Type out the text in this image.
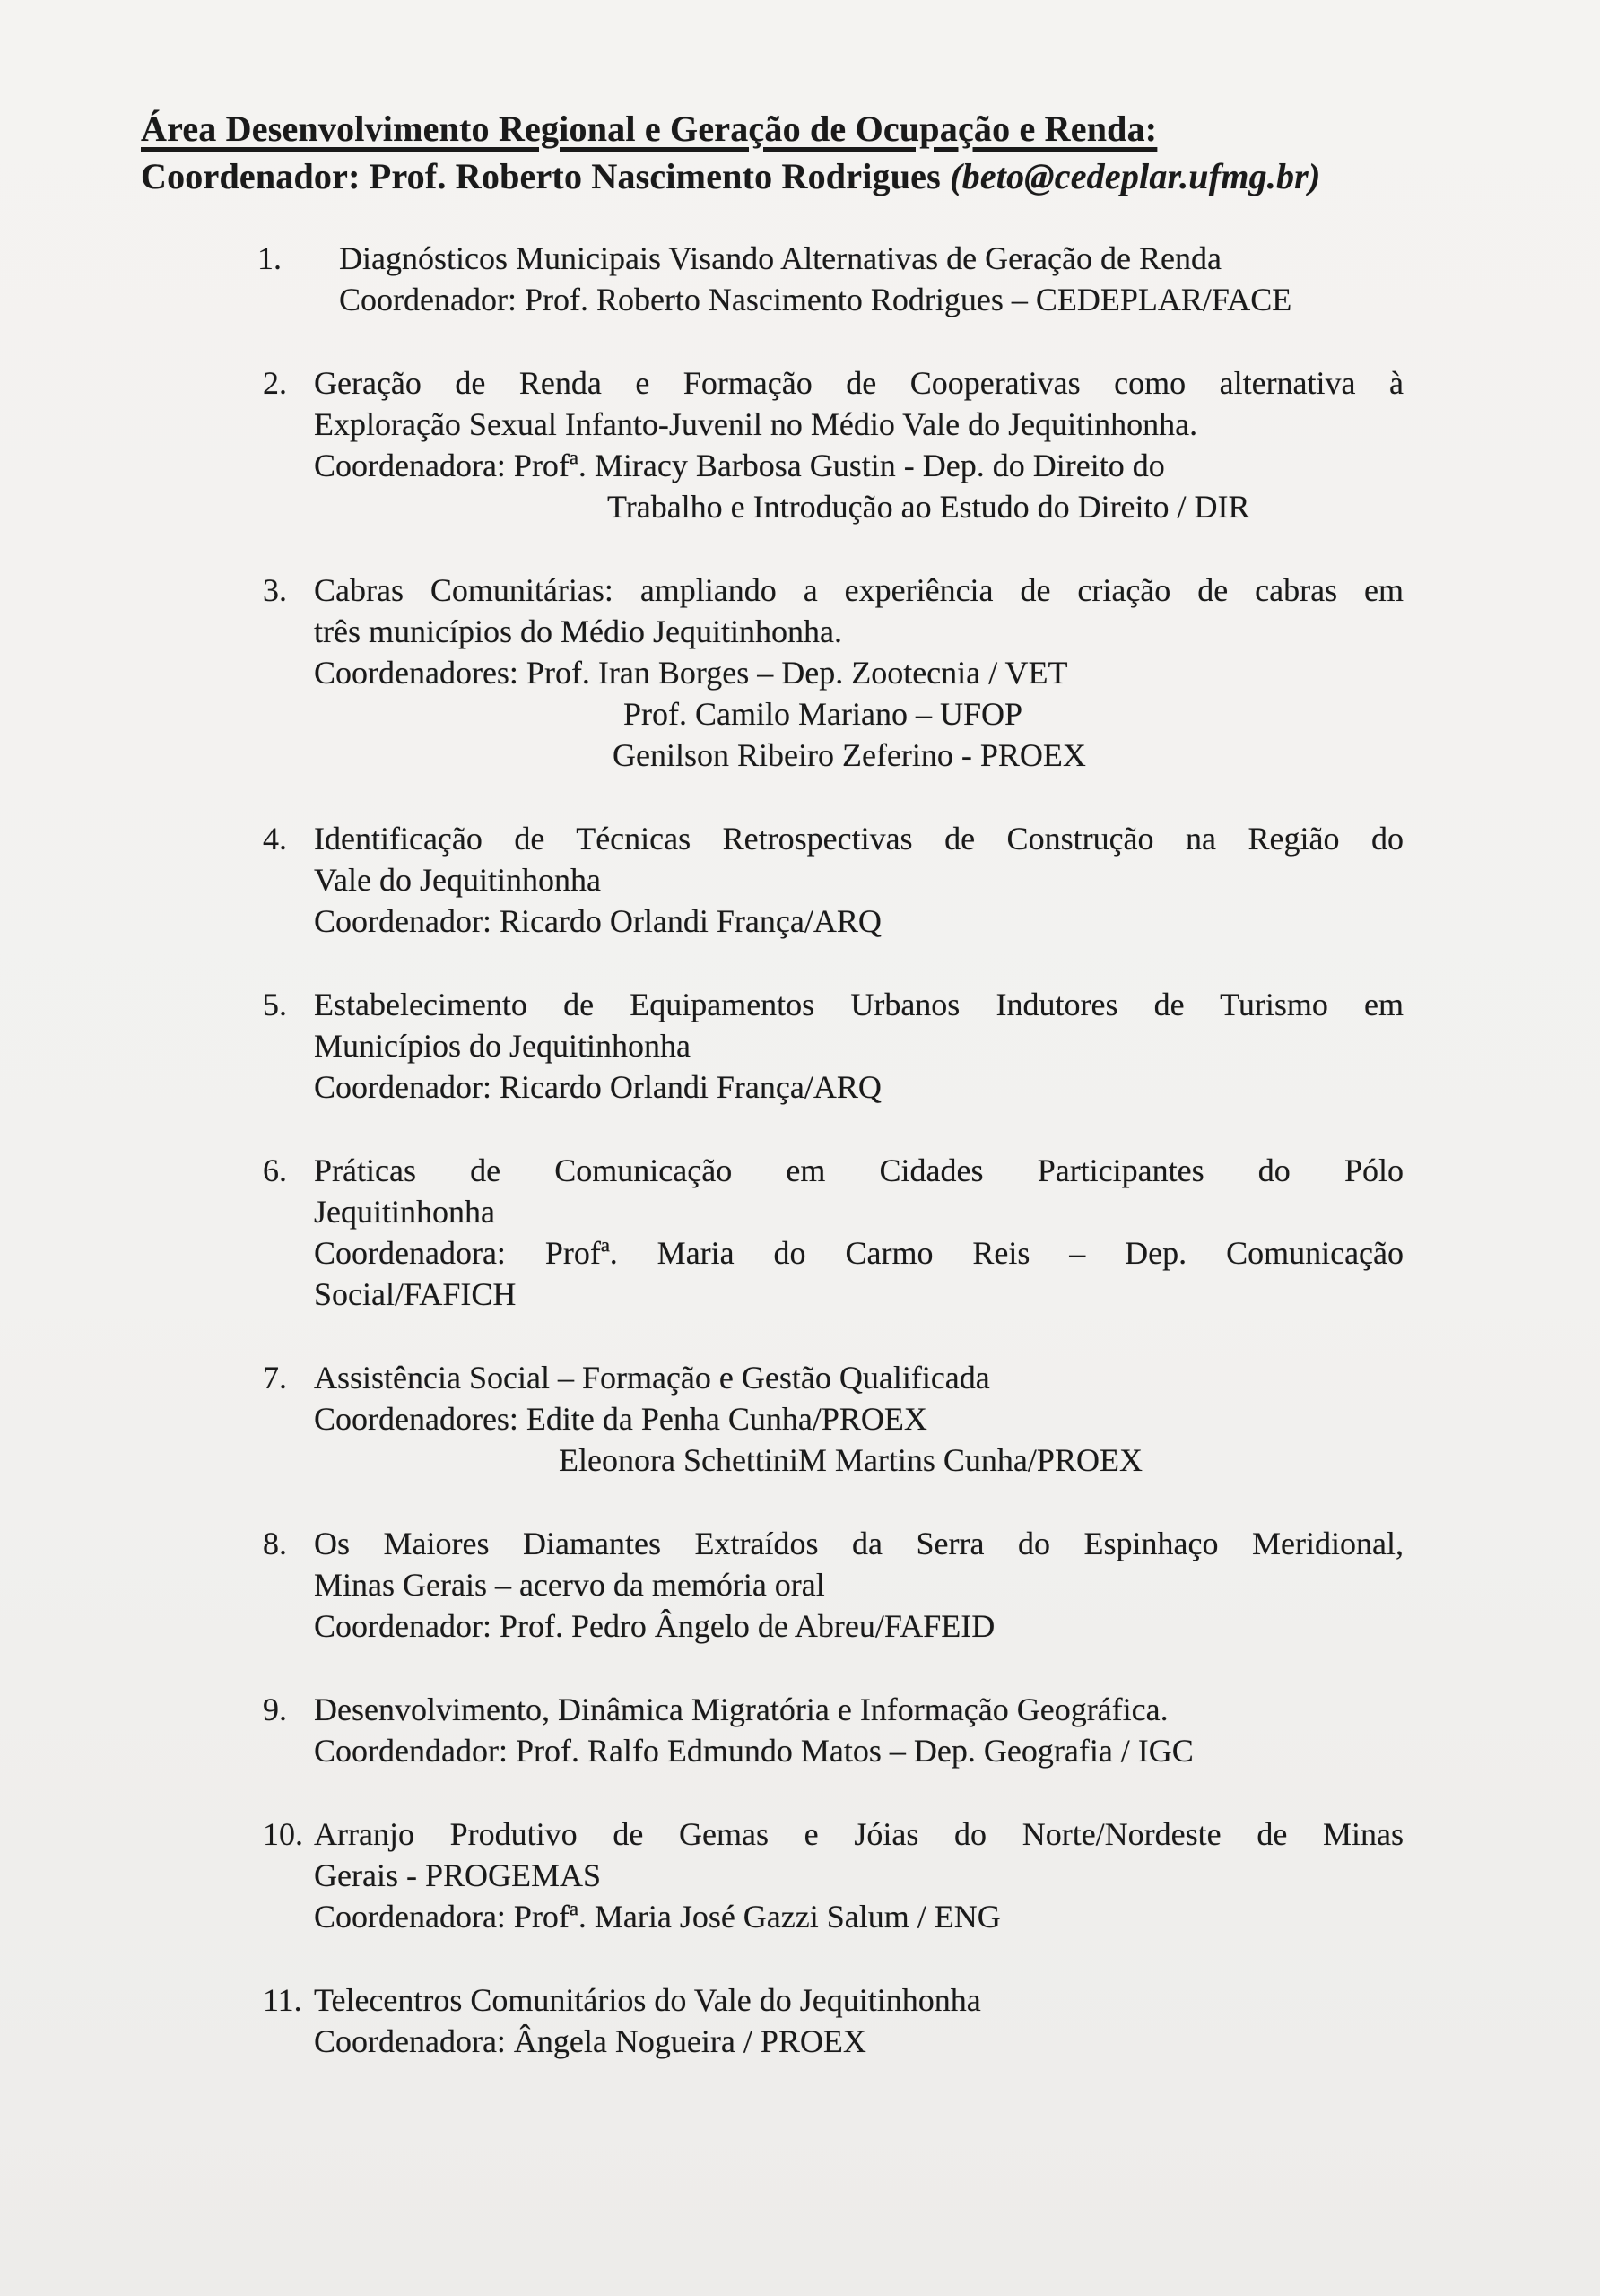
Área Desenvolvimento Regional e Geração de Ocupação e Renda:
Coordenador: Prof. Roberto Nascimento Rodrigues (beto@cedeplar.ufmg.br)
1.	Diagnósticos Municipais Visando Alternativas de Geração de Renda
Coordenador: Prof. Roberto Nascimento Rodrigues – CEDEPLAR/FACE
2. Geração de Renda e Formação de Cooperativas como alternativa à
Exploração Sexual Infanto-Juvenil no Médio Vale do Jequitinhonha.
Coordenadora: Profª. Miracy Barbosa Gustin - Dep. do Direito do
Trabalho e Introdução ao Estudo do Direito / DIR
3. Cabras Comunitárias: ampliando a experiência de criação de cabras em
três municípios do Médio Jequitinhonha.
Coordenadores: Prof. Iran Borges – Dep. Zootecnia / VET
Prof. Camilo Mariano – UFOP
Genilson Ribeiro Zeferino - PROEX
4. Identificação de Técnicas Retrospectivas de Construção na Região do
Vale do Jequitinhonha
Coordenador: Ricardo Orlandi França/ARQ
5. Estabelecimento de Equipamentos Urbanos Indutores de Turismo em
Municípios do Jequitinhonha
Coordenador: Ricardo Orlandi França/ARQ
6. Práticas de Comunicação em Cidades Participantes do Pólo
Jequitinhonha
Coordenadora: Profª. Maria do Carmo Reis – Dep. Comunicação
Social/FAFICH
7. Assistência Social – Formação e Gestão Qualificada
Coordenadores: Edite da Penha Cunha/PROEX
Eleonora SchettiniM Martins Cunha/PROEX
8. Os Maiores Diamantes Extraídos da Serra do Espinhaço Meridional,
Minas Gerais – acervo da memória oral
Coordenador: Prof. Pedro Ângelo de Abreu/FAFEID
9. Desenvolvimento, Dinâmica Migratória e Informação Geográfica.
Coordendador: Prof. Ralfo Edmundo Matos – Dep. Geografia / IGC
10. Arranjo Produtivo de Gemas e Jóias do Norte/Nordeste de Minas
Gerais - PROGEMAS
Coordenadora: Profª. Maria José Gazzi Salum / ENG
11. Telecentros Comunitários do Vale do Jequitinhonha
Coordenadora: Ângela Nogueira / PROEX
